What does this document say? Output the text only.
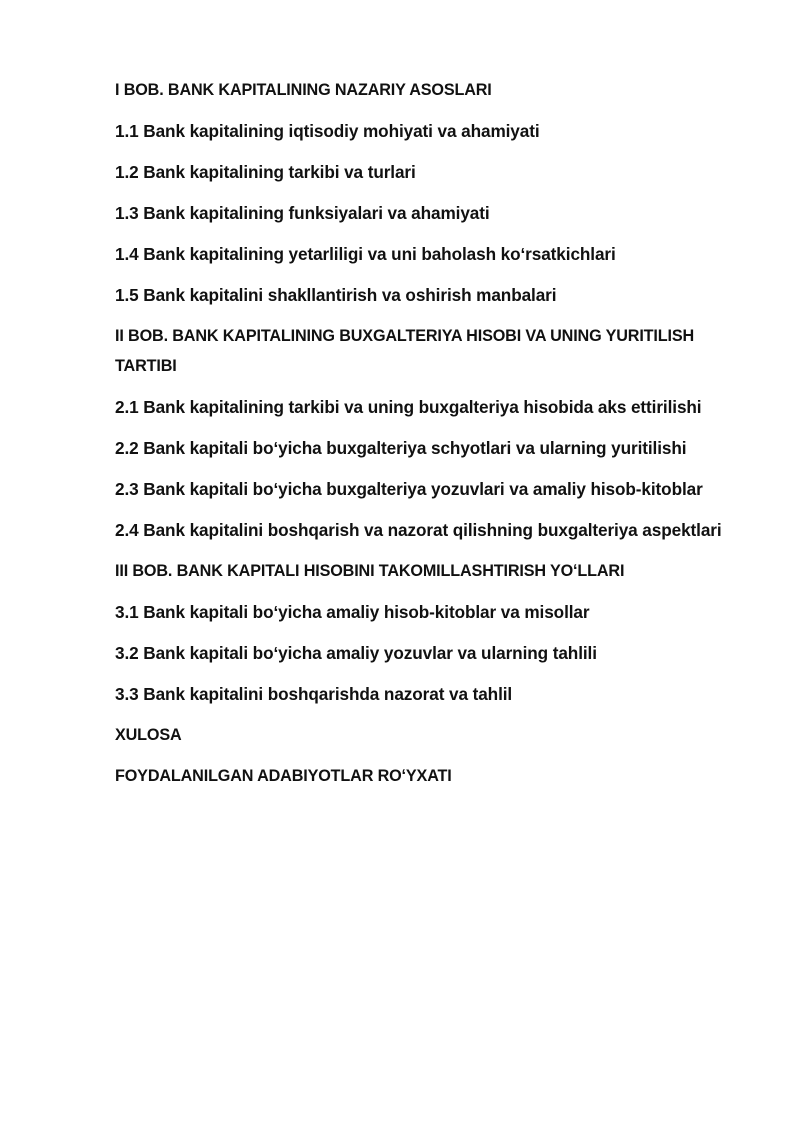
I BOB. BANK KAPITALINING NAZARIY ASOSLARI
1.1 Bank kapitalining iqtisodiy mohiyati va ahamiyati
1.2 Bank kapitalining tarkibi va turlari
1.3 Bank kapitalining funksiyalari va ahamiyati
1.4 Bank kapitalining yetarliligi va uni baholash koʻrsatkichlari
1.5 Bank kapitalini shakllantirish va oshirish manbalari
II BOB. BANK KAPITALINING BUXGALTERIYA HISOBI VA UNING YURITILISH TARTIBI
2.1 Bank kapitalining tarkibi va uning buxgalteriya hisobida aks ettirilishi
2.2 Bank kapitali boʻyicha buxgalteriya schyotlari va ularning yuritilishi
2.3 Bank kapitali boʻyicha buxgalteriya yozuvlari va amaliy hisob-kitoblar
2.4 Bank kapitalini boshqarish va nazorat qilishning buxgalteriya aspektlari
III BOB. BANK KAPITALI HISOBINI TAKOMILLASHTIRISH YOʻLLARI
3.1 Bank kapitali boʻyicha amaliy hisob-kitoblar va misollar
3.2 Bank kapitali boʻyicha amaliy yozuvlar va ularning tahlili
3.3 Bank kapitalini boshqarishda nazorat va tahlil
XULOSA
FOYDALANILGAN ADABIYOTLAR ROʻYXATI
